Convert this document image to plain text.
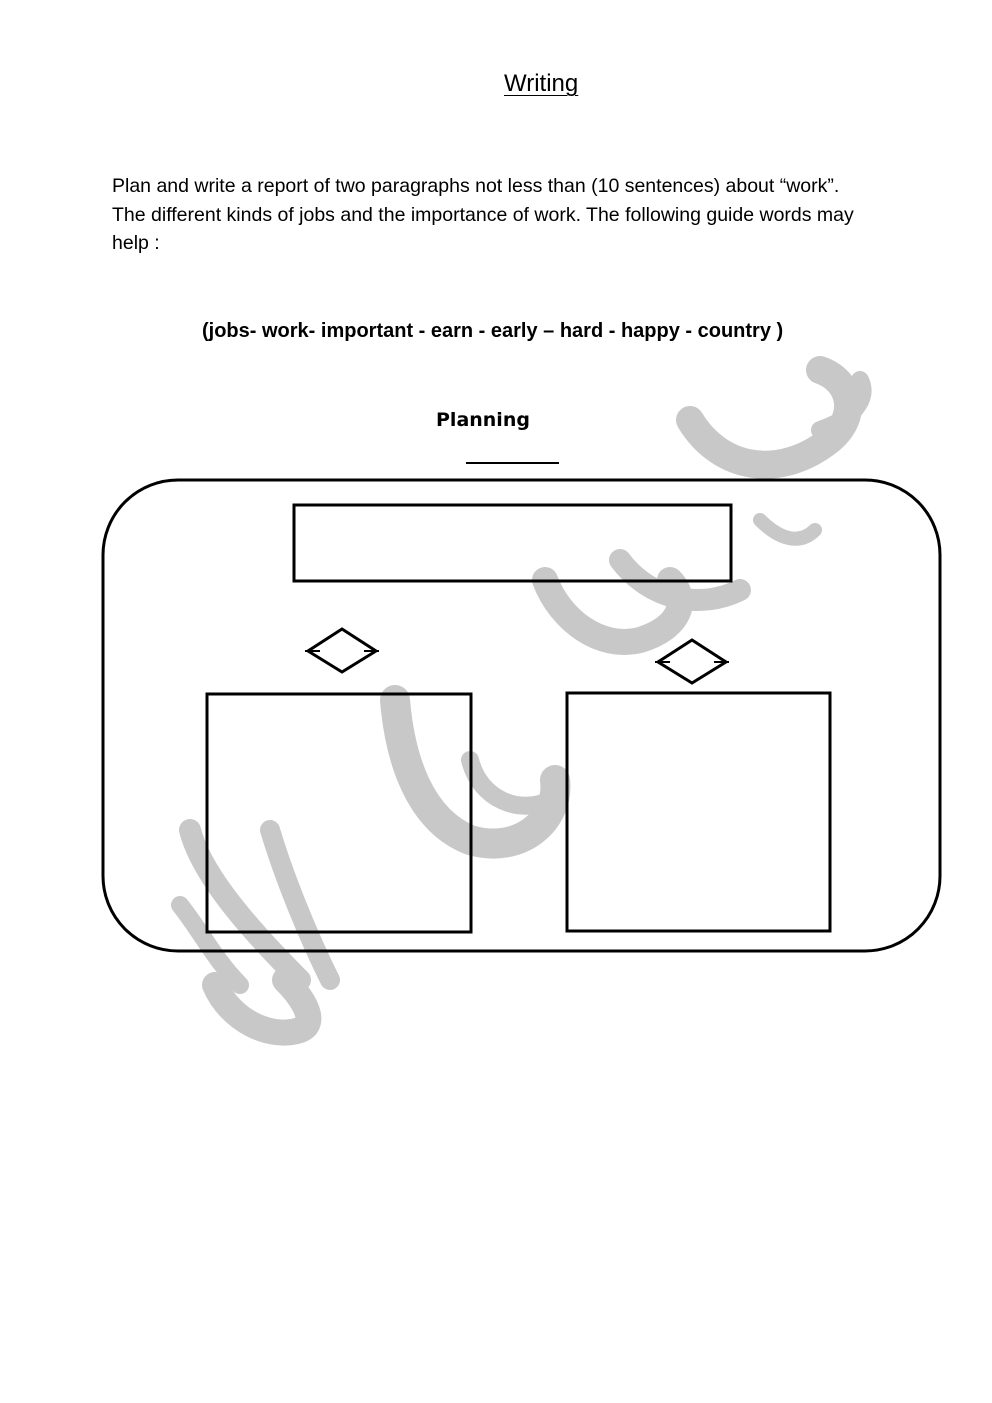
Writing
Plan and write a report of two paragraphs not less than (10 sentences) about “work”.
The different kinds of jobs and the importance of work. The following guide words may
help :
(jobs- work- important - earn - early – hard - happy - country )
Planning
